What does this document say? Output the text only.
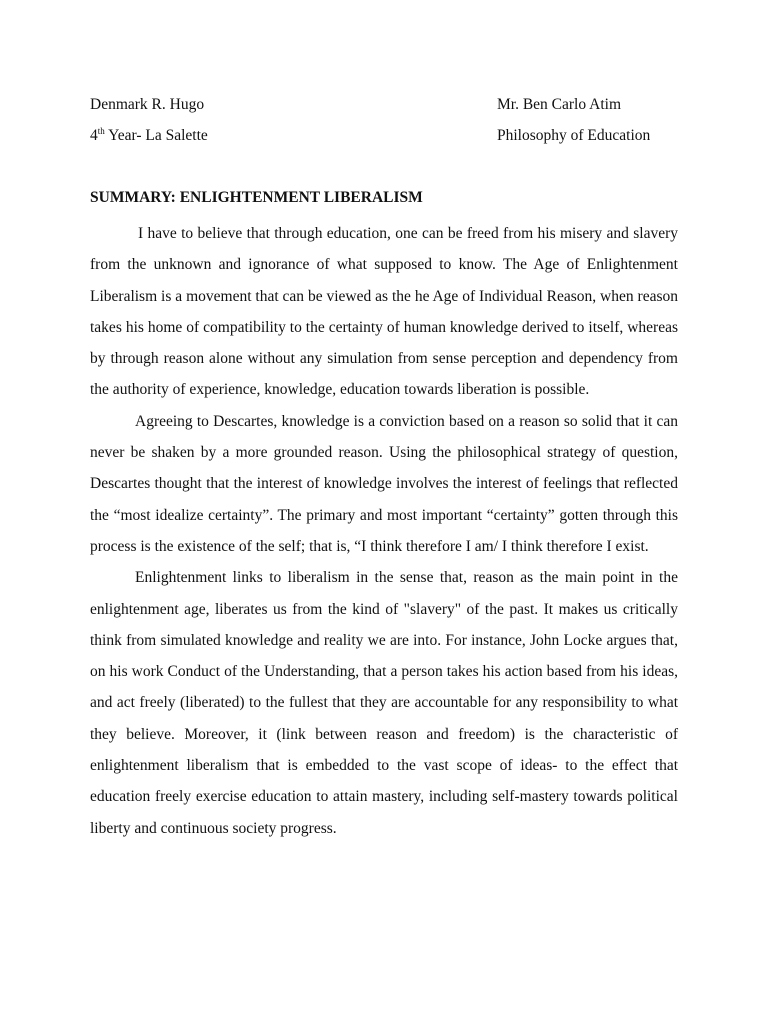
Denmark R. Hugo	Mr. Ben Carlo Atim
4th Year- La Salette	Philosophy of Education
SUMMARY: ENLIGHTENMENT LIBERALISM

I have to believe that through education, one can be freed from his misery and slavery from the unknown and ignorance of what supposed to know. The Age of Enlightenment Liberalism is a movement that can be viewed as the he Age of Individual Reason, when reason takes his home of compatibility to the certainty of human knowledge derived to itself, whereas by through reason alone without any simulation from sense perception and dependency from the authority of experience, knowledge, education towards liberation is possible.

Agreeing to Descartes, knowledge is a conviction based on a reason so solid that it can never be shaken by a more grounded reason. Using the philosophical strategy of question, Descartes thought that the interest of knowledge involves the interest of feelings that reflected the “most idealize certainty”. The primary and most important “certainty” gotten through this process is the existence of the self; that is, “I think therefore I am/ I think therefore I exist.

Enlightenment links to liberalism in the sense that, reason as the main point in the enlightenment age, liberates us from the kind of "slavery" of the past. It makes us critically think from simulated knowledge and reality we are into. For instance, John Locke argues that, on his work Conduct of the Understanding, that a person takes his action based from his ideas, and act freely (liberated) to the fullest that they are accountable for any responsibility to what they believe. Moreover, it (link between reason and freedom) is the characteristic of enlightenment liberalism that is embedded to the vast scope of ideas- to the effect that education freely exercise education to attain mastery, including self-mastery towards political liberty and continuous society progress.
